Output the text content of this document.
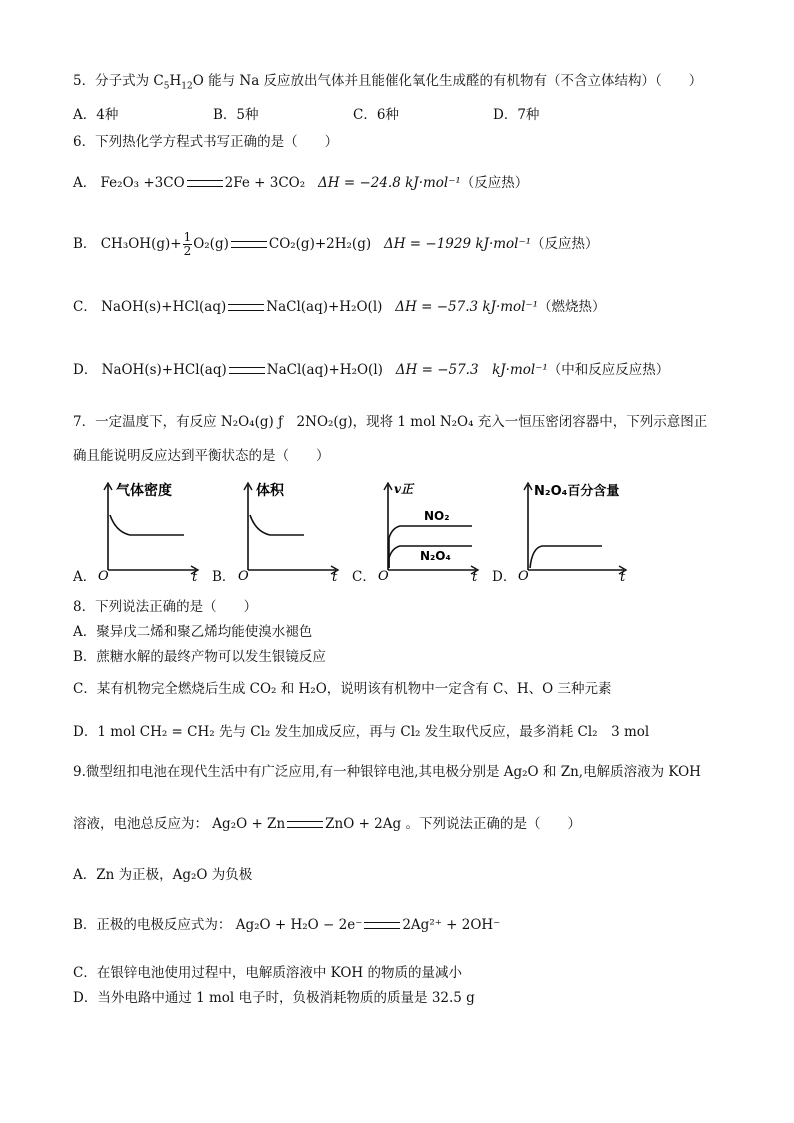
5．分子式为 $C_5H_{12}O$ 能与 Na 反应放出气体并且能催化氧化生成醛的有机物有（不含立体结构）（　　）
A．4种	B．5种	C．6种	D．7种
6．下列热化学方程式书写正确的是（　　）
A． Fe₂O₃ +3CO	2Fe + 3CO₂ ΔH = −24.8 kJ·mol⁻¹（反应热）
B． $CH_3OH(g)+ \frac{1}{2} O_2(g)$	CO₂(g)+2H₂(g) ΔH = −1929 kJ·mol⁻¹（反应热）
C． NaOH(s)+HCl(aq)	NaCl(aq)+H₂O(l) ΔH = −57.3 kJ·mol⁻¹（燃烧热）
D． NaOH(s)+HCl(aq)	NaCl(aq)+H₂O(l) ΔH = −57.3　kJ·mol⁻¹（中和反应反应热）
7．一定温度下，有反应 N₂O₄(g) ƒ　2NO₂(g)，现将 1 mol N₂O₄ 充入一恒压密闭容器中，下列示意图正
确且能说明反应达到平衡状态的是（　　）
A．
气体密度
O	t B．
体积
O	t C．
v正
NO₂
N₂O₄
O	t D．
N₂O₄百分含量
O	t
8．下列说法正确的是（　　）
A．聚异戊二烯和聚乙烯均能使溴水褪色
B．蔗糖水解的最终产物可以发生银镜反应
C．某有机物完全燃烧后生成 CO₂ 和 H₂O，说明该有机物中一定含有 C、H、O 三种元素
D．1 mol CH₂ = CH₂ 先与 Cl₂ 发生加成反应，再与 Cl₂ 发生取代反应，最多消耗 Cl₂　3 mol
9.微型纽扣电池在现代生活中有广泛应用,有一种银锌电池,其电极分别是 Ag₂O 和 Zn,电解质溶液为 KOH
溶液，电池总反应为： Ag₂O + Zn	ZnO + 2Ag 。下列说法正确的是（　　）
A．Zn 为正极，Ag₂O 为负极
B．正极的电极反应式为： Ag₂O + H₂O − 2e⁻	2Ag²⁺ + 2OH⁻
C．在银锌电池使用过程中，电解质溶液中 KOH 的物质的量减小
D．当外电路中通过 1 mol 电子时，负极消耗物质的质量是 32.5 g
